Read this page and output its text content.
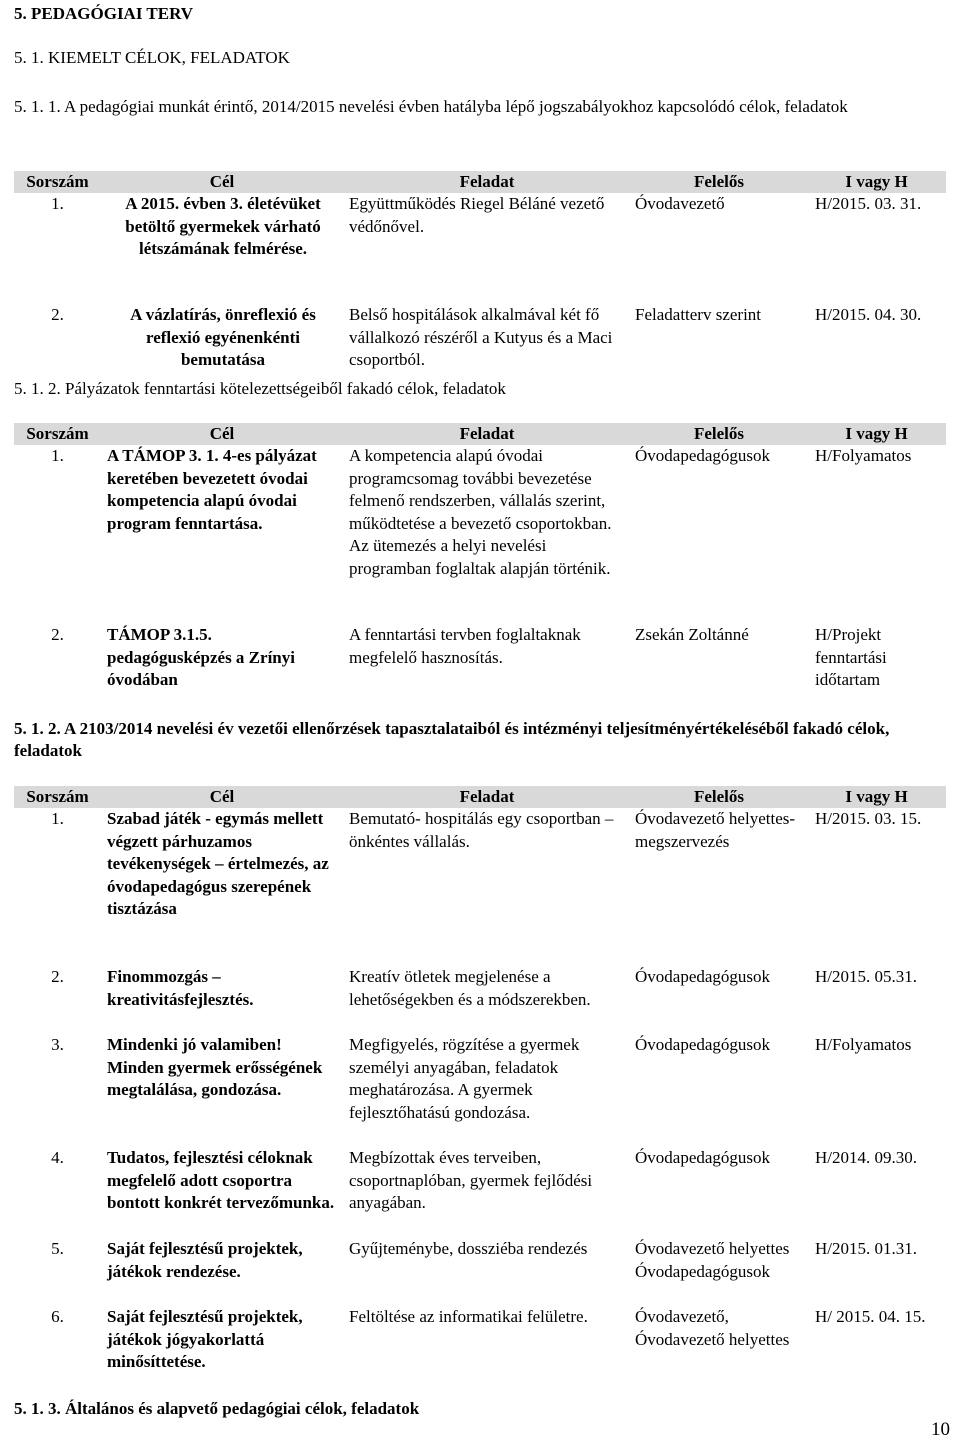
5. PEDAGÓGIAI TERV
5. 1. KIEMELT CÉLOK, FELADATOK
5. 1. 1. A pedagógiai munkát érintő, 2014/2015 nevelési évben hatályba lépő jogszabályokhoz kapcsolódó célok, feladatok
Sorszám	Cél	Feladat	Felelős	I vagy H
1.	A 2015. évben 3. életévüket betöltő gyermekek várható létszámának felmérése.	Együttműködés Riegel Béláné vezető védőnővel.	Óvodavezető	H/2015. 03. 31.
2.	A vázlatírás, önreflexió és reflexió egyénenkénti bemutatása	Belső hospitálások alkalmával két fő vállalkozó részéről a Kutyus és a Maci csoportból.	Feladatterv szerint	H/2015. 04. 30.
5. 1. 2. Pályázatok fenntartási kötelezettségeiből fakadó célok, feladatok
Sorszám	Cél	Feladat	Felelős	I vagy H
1.	A TÁMOP 3. 1. 4-es pályázat keretében bevezetett óvodai kompetencia alapú óvodai program fenntartása.	A kompetencia alapú óvodai programcsomag további bevezetése felmenő rendszerben, vállalás szerint, működtetése a bevezető csoportokban. Az ütemezés a helyi nevelési programban foglaltak alapján történik.	Óvodapedagógusok	H/Folyamatos
2.	TÁMOP 3.1.5. pedagógusképzés a Zrínyi óvodában	A fenntartási tervben foglaltaknak megfelelő hasznosítás.	Zsekán Zoltánné	H/Projekt fenntartási időtartam
5. 1. 2. A 2103/2014 nevelési év vezetői ellenőrzések tapasztalataiból és intézményi teljesítményértékeléséből fakadó célok, feladatok
Sorszám	Cél	Feladat	Felelős	I vagy H
1.	Szabad játék - egymás mellett végzett párhuzamos tevékenységek – értelmezés, az óvodapedagógus szerepének tisztázása	Bemutató- hospitálás egy csoportban – önkéntes vállalás.	Óvodavezető helyettes-megszervezés	H/2015. 03. 15.
2.	Finommozgás – kreativitásfejlesztés.	Kreatív ötletek megjelenése a lehetőségekben és a módszerekben.	Óvodapedagógusok	H/2015. 05.31.
3.	Mindenki jó valamiben! Minden gyermek erősségének megtalálása, gondozása.	Megfigyelés, rögzítése a gyermek személyi anyagában, feladatok meghatározása. A gyermek fejlesztőhatású gondozása.	Óvodapedagógusok	H/Folyamatos
4.	Tudatos, fejlesztési céloknak megfelelő adott csoportra bontott konkrét tervezőmunka.	Megbízottak éves terveiben, csoportnaplóban, gyermek fejlődési anyagában.	Óvodapedagógusok	H/2014. 09.30.
5.	Saját fejlesztésű projektek, játékok rendezése.	Gyűjteménybe, dossziéba rendezés	Óvodavezető helyettes Óvodapedagógusok	H/2015. 01.31.
6.	Saját fejlesztésű projektek, játékok jógyakorlattá minősíttetése.	Feltöltése az informatikai felületre.	Óvodavezető, Óvodavezető helyettes	H/ 2015. 04. 15.
5. 1. 3. Általános és alapvető pedagógiai célok, feladatok
10
